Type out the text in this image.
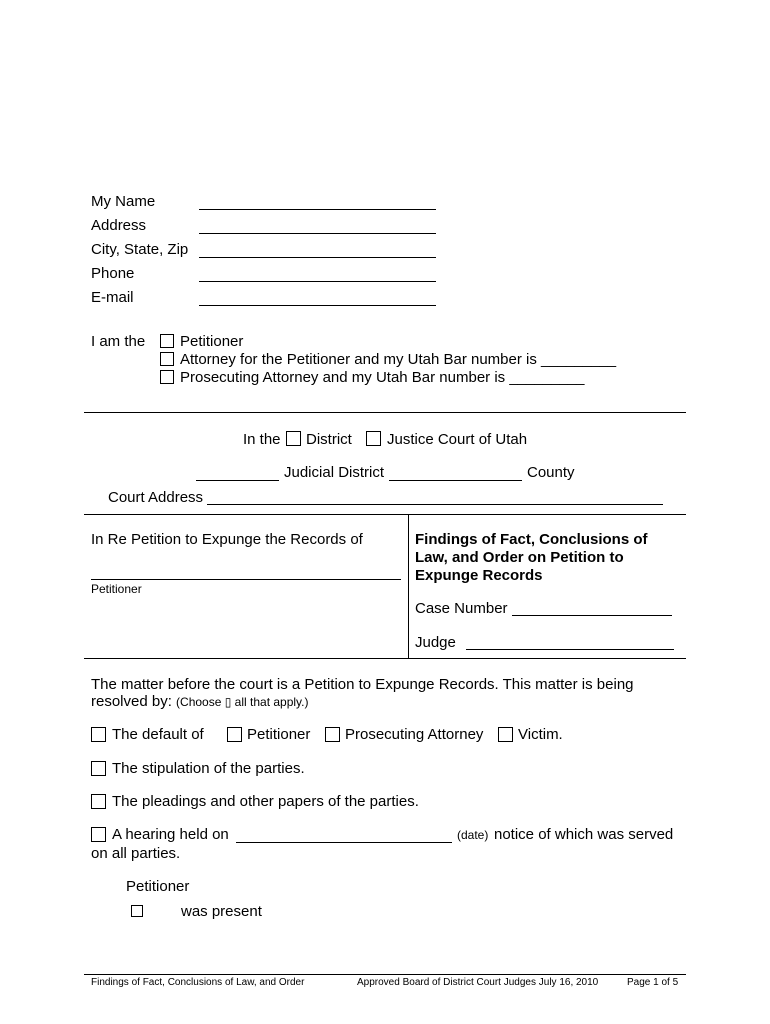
My Name
Address
City, State, Zip
Phone
E-mail
I am the Petitioner
Attorney for the Petitioner and my Utah Bar number is _________
Prosecuting Attorney and my Utah Bar number is _________
In the District Justice Court of Utah
Judicial District	County
Court Address
In Re Petition to Expunge the Records of
Petitioner
Findings of Fact, Conclusions of
Law, and Order on Petition to
Expunge Records
Case Number
Judge
The matter before the court is a Petition to Expunge Records. This matter is being
resolved by: (Choose ▯ all that apply.)
The default of	Petitioner Prosecuting Attorney Victim.
The stipulation of the parties.
The pleadings and other papers of the parties.
A hearing held on	(date) notice of which was served
on all parties.
Petitioner
was present
Findings of Fact, Conclusions of Law, and Order	Approved Board of District Court Judges July 16, 2010	Page 1 of 5
